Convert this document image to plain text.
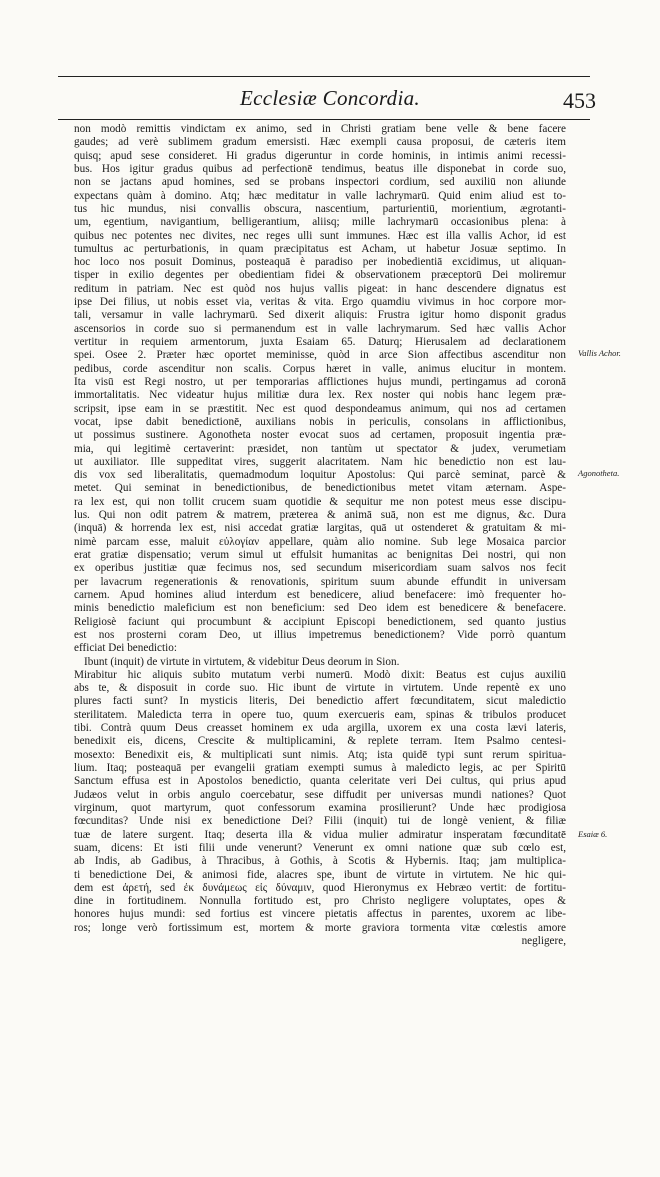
Ecclesiæ Concordia.	453
non modò remittis vindictam ex animo, sed in Christi gratiam bene velle & bene facere
gaudes; ad verè sublimem gradum emersisti. Hæc exempli causa proposui, de cæteris item
quisq; apud sese consideret. Hi gradus digeruntur in corde hominis, in intimis animi recessi-
bus. Hos igitur gradus quibus ad perfectionē tendimus, beatus ille disponebat in corde suo,
non se jactans apud homines, sed se probans inspectori cordium, sed auxiliū non aliunde
expectans quàm à domino. Atq; hæc meditatur in valle lachrymarū. Quid enim aliud est to-
tus hic mundus, nisi convallis obscura, nascentium, parturientiū, morientium, ægrotanti-
um, egentium, navigantium, belligerantium, aliisq; mille lachrymarū occasionibus plena: à
quibus nec potentes nec divites, nec reges ulli sunt immunes. Hæc est illa vallis Achor, id est
tumultus ac perturbationis, in quam præcipitatus est Acham, ut habetur Josuæ septimo. In
hoc loco nos posuit Dominus, posteaquā è paradiso per inobedientiā excidimus, ut aliquan-
tisper in exilio degentes per obedientiam fidei & observationem præceptorū Dei moliremur
reditum in patriam. Nec est quòd nos hujus vallis pigeat: in hanc descendere dignatus est
ipse Dei filius, ut nobis esset via, veritas & vita. Ergo quamdiu vivimus in hoc corpore mor-
tali, versamur in valle lachrymarū. Sed dixerit aliquis: Frustra igitur homo disponit gradus
ascensorios in corde suo si permanendum est in valle lachrymarum. Sed hæc vallis Achor
vertitur in requiem armentorum, juxta Esaiam 65. Daturq; Hierusalem ad declarationem
spei. Osee 2. Præter hæc oportet meminisse, quòd in arce Sion affectibus ascenditur non
pedibus, corde ascenditur non scalis. Corpus hæret in valle, animus elucitur in montem.
Ita visū est Regi nostro, ut per temporarias afflictiones hujus mundi, pertingamus ad coronā
immortalitatis. Nec videatur hujus militiæ dura lex. Rex noster qui nobis hanc legem præ-
scripsit, ipse eam in se præstitit. Nec est quod despondeamus animum, qui nos ad certamen
vocat, ipse dabit benedictionē, auxilians nobis in periculis, consolans in afflictionibus,
ut possimus sustinere. Agonotheta noster evocat suos ad certamen, proposuit ingentia præ-
mia, qui legitimè certaverint: præsidet, non tantùm ut spectator & judex, verumetiam
ut auxiliator. Ille suppeditat vires, suggerit alacritatem. Nam hic benedictio non est lau-
dis vox sed liberalitatis, quemadmodum loquitur Apostolus: Qui parcè seminat, parcè &
metet. Qui seminat in benedictionibus, de benedictionibus metet vitam æternam. Aspe-
ra lex est, qui non tollit crucem suam quotidie & sequitur me non potest meus esse discipu-
lus. Qui non odit patrem & matrem, præterea & animā suā, non est me dignus, &c. Dura
(inquā) & horrenda lex est, nisi accedat gratiæ largitas, quā ut ostenderet & gratuitam & mi-
nimè parcam esse, maluit εὐλογίαν appellare, quàm alio nomine. Sub lege Mosaica parcior
erat gratiæ dispensatio; verum simul ut effulsit humanitas ac benignitas Dei nostri, qui non
ex operibus justitiæ quæ fecimus nos, sed secundum misericordiam suam salvos nos fecit
per lavacrum regenerationis & renovationis, spiritum suum abunde effundit in universam
carnem. Apud homines aliud interdum est benedicere, aliud benefacere: imò frequenter ho-
minis benedictio maleficium est non beneficium: sed Deo idem est benedicere & benefacere.
Religiosè faciunt qui procumbunt & accipiunt Episcopi benedictionem, sed quanto justius
est nos prosterni coram Deo, ut illius impetremus benedictionem? Vide porrò quantum
efficiat Dei benedictio:
Ibunt (inquit) de virtute in virtutem, & videbitur Deus deorum in Sion.
Mirabitur hic aliquis subito mutatum verbi numerū. Modò dixit: Beatus est cujus auxiliū
abs te, & disposuit in corde suo. Hic ibunt de virtute in virtutem. Unde repentè ex uno
plures facti sunt? In mysticis literis, Dei benedictio affert fœcunditatem, sicut maledictio
sterilitatem. Maledicta terra in opere tuo, quum exercueris eam, spinas & tribulos producet
tibi. Contrà quum Deus creasset hominem ex uda argilla, uxorem ex una costa lævi lateris,
benedixit eis, dicens, Crescite & multiplicamini, & replete terram. Item Psalmo centesi-
mosexto: Benedixit eis, & multiplicati sunt nimis. Atq; ista quidē typi sunt rerum spiritua-
lium. Itaq; posteaquā per evangelii gratiam exempti sumus à maledicto legis, ac per Spiritū
Sanctum effusa est in Apostolos benedictio, quanta celeritate veri Dei cultus, qui prius apud
Judæos velut in orbis angulo coercebatur, sese diffudit per universas mundi nationes? Quot
virginum, quot martyrum, quot confessorum examina prosilierunt? Unde hæc prodigiosa
fœcunditas? Unde nisi ex benedictione Dei? Filii (inquit) tui de longè venient, & filiæ
tuæ de latere surgent. Itaq; deserta illa & vidua mulier admiratur insperatam fœcunditatē
suam, dicens: Et isti filii unde venerunt? Venerunt ex omni natione quæ sub cœlo est,
ab Indis, ab Gadibus, à Thracibus, à Gothis, à Scotis & Hybernis. Itaq; jam multiplica-
ti benedictione Dei, & animosi fide, alacres spe, ibunt de virtute in virtutem. Ne hic qui-
dem est ἀρετή, sed ἐκ δυνάμεως εἰς δύναμιν, quod Hieronymus ex Hebræo vertit: de fortitu-
dine in fortitudinem. Nonnulla fortitudo est, pro Christo negligere voluptates, opes &
honores hujus mundi: sed fortius est vincere pietatis affectus in parentes, uxorem ac libe-
ros; longe verò fortissimum est, mortem & morte graviora tormenta vitæ cœlestis amore
negligere,
Vallis Achor.
Agonotheta.
Esaiæ 6.
